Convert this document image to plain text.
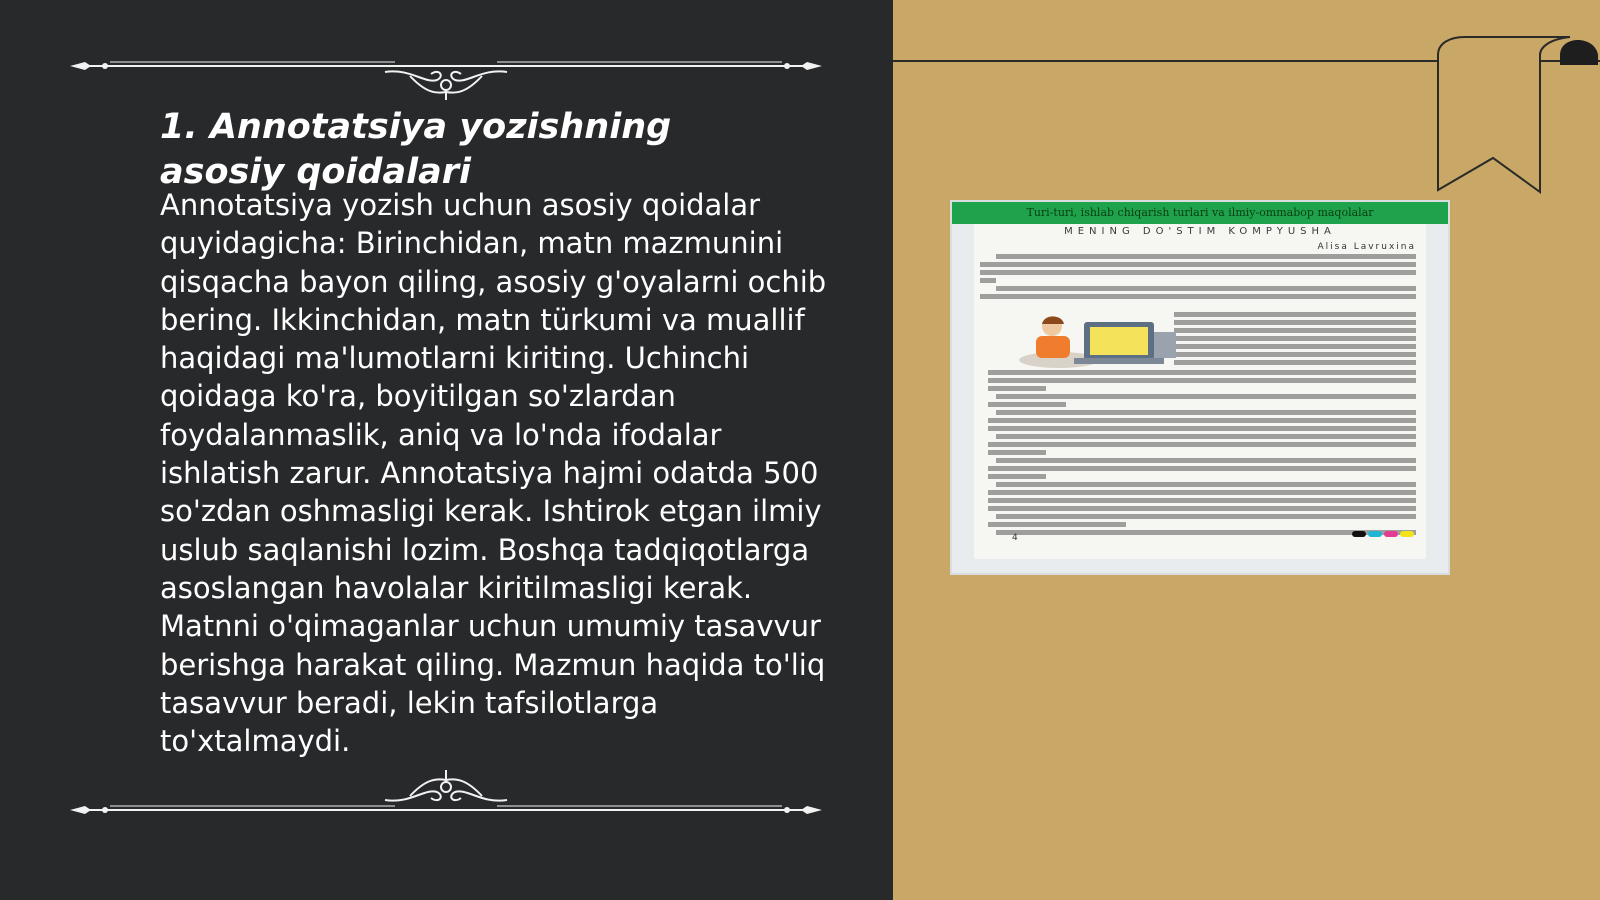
1. Annotatsiya yozishning asosiy qoidalari

Annotatsiya yozish uchun asosiy qoidalar quyidagicha: Birinchidan, matn mazmunini qisqacha bayon qiling, asosiy g'oyalarni ochib bering. Ikkinchidan, matn türkumi va muallif haqidagi ma'lumotlarni kiriting. Uchinchi qoidaga ko'ra, boyitilgan so'zlardan foydalanmaslik, aniq va lo'nda ifodalar ishlatish zarur. Annotatsiya hajmi odatda 500 so'zdan oshmasligi kerak. Ishtirok etgan ilmiy uslub saqlanishi lozim. Boshqa tadqiqotlarga asoslangan havolalar kiritilmasligi kerak. Matnni o'qimaganlar uchun umumiy tasavvur berishga harakat qiling. Mazmun haqida to'liq tasavvur beradi, lekin tafsilotlarga to'xtalmaydi.

Turi-turi, ishlab chiqarish turlari va ilmiy-ommabop maqolalar
MENING DO'STIM KOMPYUSHA
Alisa Lavruxina
4
